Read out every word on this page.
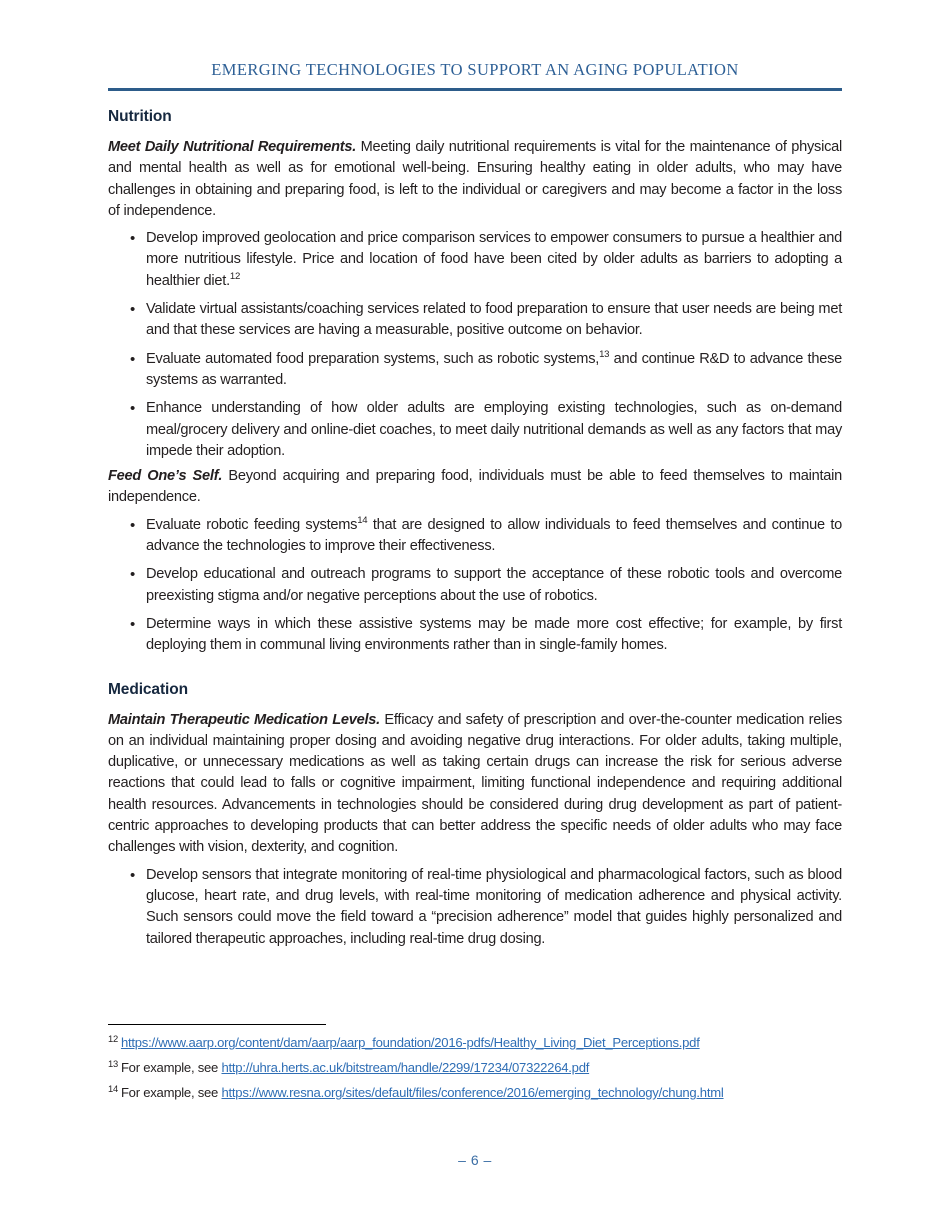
EMERGING TECHNOLOGIES TO SUPPORT AN AGING POPULATION
Nutrition

Meet Daily Nutritional Requirements. Meeting daily nutritional requirements is vital for the maintenance of physical and mental health as well as for emotional well-being. Ensuring healthy eating in older adults, who may have challenges in obtaining and preparing food, is left to the individual or caregivers and may become a factor in the loss of independence.

• Develop improved geolocation and price comparison services to empower consumers to pursue a healthier and more nutritious lifestyle. Price and location of food have been cited by older adults as barriers to adopting a healthier diet.$^{12}$
• Validate virtual assistants/coaching services related to food preparation to ensure that user needs are being met and that these services are having a measurable, positive outcome on behavior.
• Evaluate automated food preparation systems, such as robotic systems,$^{13}$ and continue R&D to advance these systems as warranted.
• Enhance understanding of how older adults are employing existing technologies, such as on-demand meal/grocery delivery and online-diet coaches, to meet daily nutritional demands as well as any factors that may impede their adoption.

Feed One’s Self. Beyond acquiring and preparing food, individuals must be able to feed themselves to maintain independence.

• Evaluate robotic feeding systems$^{14}$ that are designed to allow individuals to feed themselves and continue to advance the technologies to improve their effectiveness.
• Develop educational and outreach programs to support the acceptance of these robotic tools and overcome preexisting stigma and/or negative perceptions about the use of robotics.
• Determine ways in which these assistive systems may be made more cost effective; for example, by first deploying them in communal living environments rather than in single-family homes.
Medication

Maintain Therapeutic Medication Levels. Efficacy and safety of prescription and over-the-counter medication relies on an individual maintaining proper dosing and avoiding negative drug interactions. For older adults, taking multiple, duplicative, or unnecessary medications as well as taking certain drugs can increase the risk for serious adverse reactions that could lead to falls or cognitive impairment, limiting functional independence and requiring additional health resources. Advancements in technologies should be considered during drug development as part of patient-centric approaches to developing products that can better address the specific needs of older adults who may face challenges with vision, dexterity, and cognition.

• Develop sensors that integrate monitoring of real-time physiological and pharmacological factors, such as blood glucose, heart rate, and drug levels, with real-time monitoring of medication adherence and physical activity. Such sensors could move the field toward a “precision adherence” model that guides highly personalized and tailored therapeutic approaches, including real-time drug dosing.
$^{12}$ https://www.aarp.org/content/dam/aarp/aarp_foundation/2016-pdfs/Healthy_Living_Diet_Perceptions.pdf
$^{13}$ For example, see http://uhra.herts.ac.uk/bitstream/handle/2299/17234/07322264.pdf
$^{14}$ For example, see https://www.resna.org/sites/default/files/conference/2016/emerging_technology/chung.html
– 6 –
